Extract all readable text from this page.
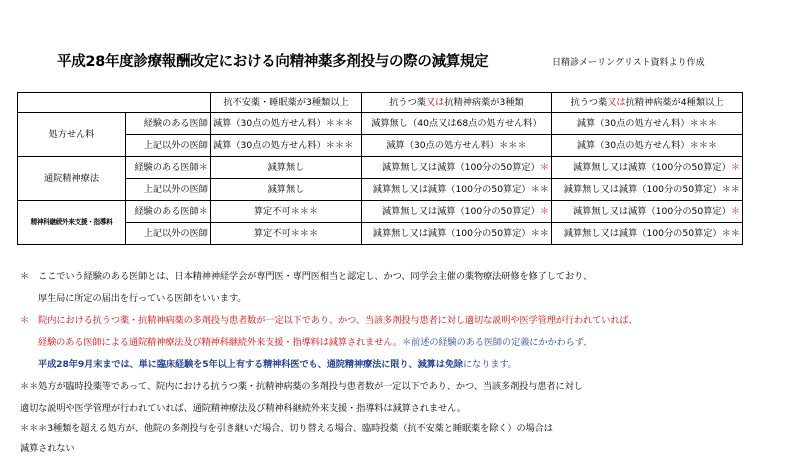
平成28年度診療報酬改定における向精神薬多剤投与の際の減算規定	日精診メーリングリスト資料より作成
		抗不安薬・睡眠薬が3種類以上	抗うつ薬又は抗精神病薬が3種類	抗うつ薬又は抗精神病薬が4種類以上
処方せん料	経験のある医師	減算（30点の処方せん料）＊＊＊	減算無し（40点又は68点の処方せん料）	減算（30点の処方せん料）＊＊＊
	上記以外の医師	減算（30点の処方せん料）＊＊＊	減算（30点の処方せん料）＊＊＊	減算（30点の処方せん料）＊＊＊
通院精神療法	経験のある医師＊	減算無し	減算無し又は減算（100分の50算定）＊	減算無し又は減算（100分の50算定）＊
	上記以外の医師	減算無し	減算無し又は減算（100分の50算定）＊＊	減算無し又は減算（100分の50算定）＊＊
精神科継続外来支援・指導料	経験のある医師＊	算定不可＊＊＊	減算無し又は減算（100分の50算定）＊	減算無し又は減算（100分の50算定）＊
	上記以外の医師	算定不可＊＊＊	減算無し又は減算（100分の50算定）＊＊	減算無し又は減算（100分の50算定）＊＊
＊　ここでいう経験のある医師とは、日本精神神経学会が専門医・専門医相当と認定し、かつ、同学会主催の薬物療法研修を修了しており、
厚生局に所定の届出を行っている医師をいいます。
＊　院内における抗うつ薬・抗精神病薬の多剤投与患者数が一定以下であり、かつ、当該多剤投与患者に対し適切な説明や医学管理が行われていれば、
経験のある医師による通院精神療法及び精神科継続外来支援・指導料は減算されません。＊前述の経験のある医師の定義にかかわらず、
平成28年9月末までは、単に臨床経験を5年以上有する精神科医でも、通院精神療法に限り、減算は免除になります。
＊＊処方が臨時投薬等であって、院内における抗うつ薬・抗精神病薬の多剤投与患者数が一定以下であり、かつ、当該多剤投与患者に対し
適切な説明や医学管理が行われていれば、通院精神療法及び精神科継続外来支援・指導料は減算されません。
＊＊＊3種類を超える処方が、他院の多剤投与を引き継いだ場合、切り替える場合、臨時投薬（抗不安薬と睡眠薬を除く）の場合は
減算されない
